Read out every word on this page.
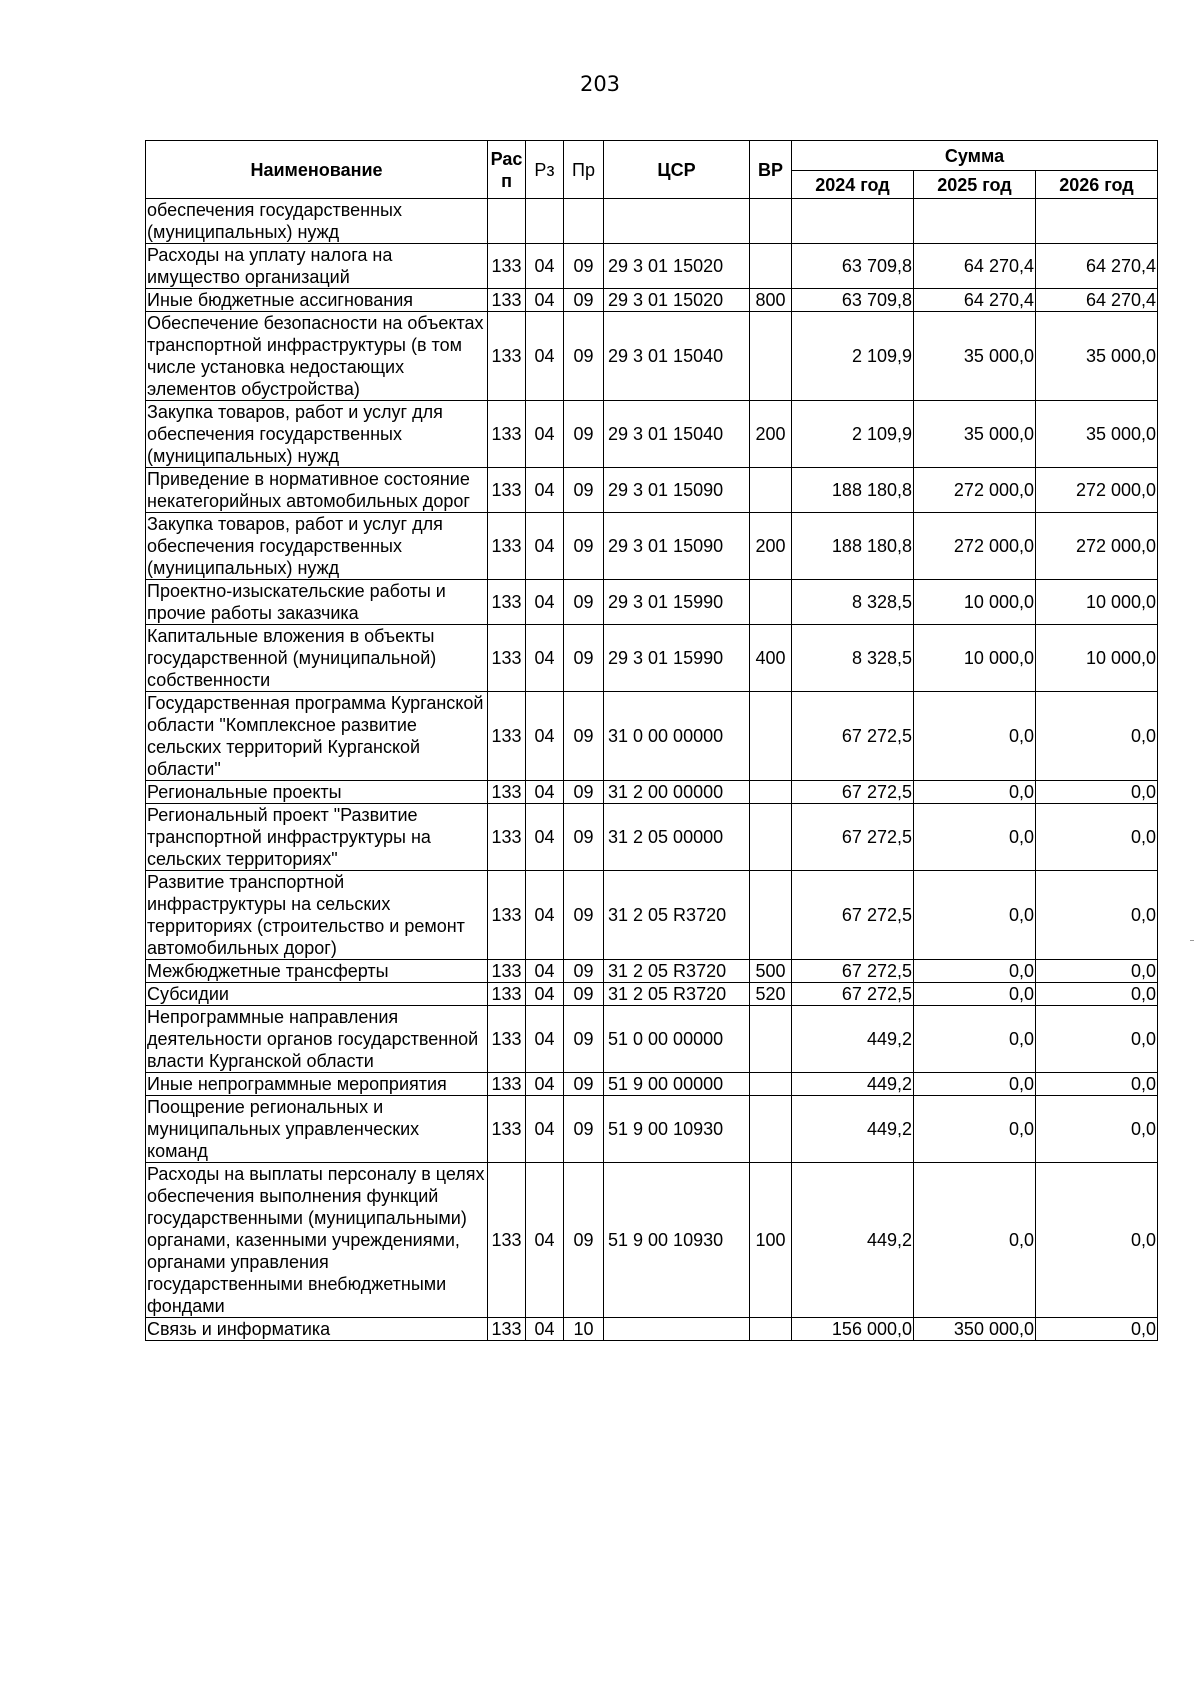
203
Наименование	Рас п	Рз	Пр	ЦСР	ВР	Сумма		
						2024 год	2025 год	2026 год
обеспечения государственных (муниципальных) нужд								
Расходы на уплату налога на имущество организаций	133	04	09	29 3 01 15020		63 709,8	64 270,4	64 270,4
Иные бюджетные ассигнования	133	04	09	29 3 01 15020	800	63 709,8	64 270,4	64 270,4
Обеспечение безопасности на объектах транспортной инфраструктуры (в том числе установка недостающих элементов обустройства)	133	04	09	29 3 01 15040		2 109,9	35 000,0	35 000,0
Закупка товаров, работ и услуг для обеспечения государственных (муниципальных) нужд	133	04	09	29 3 01 15040	200	2 109,9	35 000,0	35 000,0
Приведение в нормативное состояние некатегорийных автомобильных дорог	133	04	09	29 3 01 15090		188 180,8	272 000,0	272 000,0
Закупка товаров, работ и услуг для обеспечения государственных (муниципальных) нужд	133	04	09	29 3 01 15090	200	188 180,8	272 000,0	272 000,0
Проектно-изыскательские работы и прочие работы заказчика	133	04	09	29 3 01 15990		8 328,5	10 000,0	10 000,0
Капитальные вложения в объекты государственной (муниципальной) собственности	133	04	09	29 3 01 15990	400	8 328,5	10 000,0	10 000,0
Государственная программа Курганской области "Комплексное развитие сельских территорий Курганской области"	133	04	09	31 0 00 00000		67 272,5	0,0	0,0
Региональные проекты	133	04	09	31 2 00 00000		67 272,5	0,0	0,0
Региональный проект "Развитие транспортной инфраструктуры на сельских территориях"	133	04	09	31 2 05 00000		67 272,5	0,0	0,0
Развитие транспортной инфраструктуры на сельских территориях (строительство и ремонт автомобильных дорог)	133	04	09	31 2 05 R3720		67 272,5	0,0	0,0
Межбюджетные трансферты	133	04	09	31 2 05 R3720	500	67 272,5	0,0	0,0
Субсидии	133	04	09	31 2 05 R3720	520	67 272,5	0,0	0,0
Непрограммные направления деятельности органов государственной власти Курганской области	133	04	09	51 0 00 00000		449,2	0,0	0,0
Иные непрограммные мероприятия	133	04	09	51 9 00 00000		449,2	0,0	0,0
Поощрение региональных и муниципальных управленческих команд	133	04	09	51 9 00 10930		449,2	0,0	0,0
Расходы на выплаты персоналу в целях обеспечения выполнения функций государственными (муниципальными) органами, казенными учреждениями, органами управления государственными внебюджетными фондами	133	04	09	51 9 00 10930	100	449,2	0,0	0,0
Связь и информатика	133	04	10			156 000,0	350 000,0	0,0
